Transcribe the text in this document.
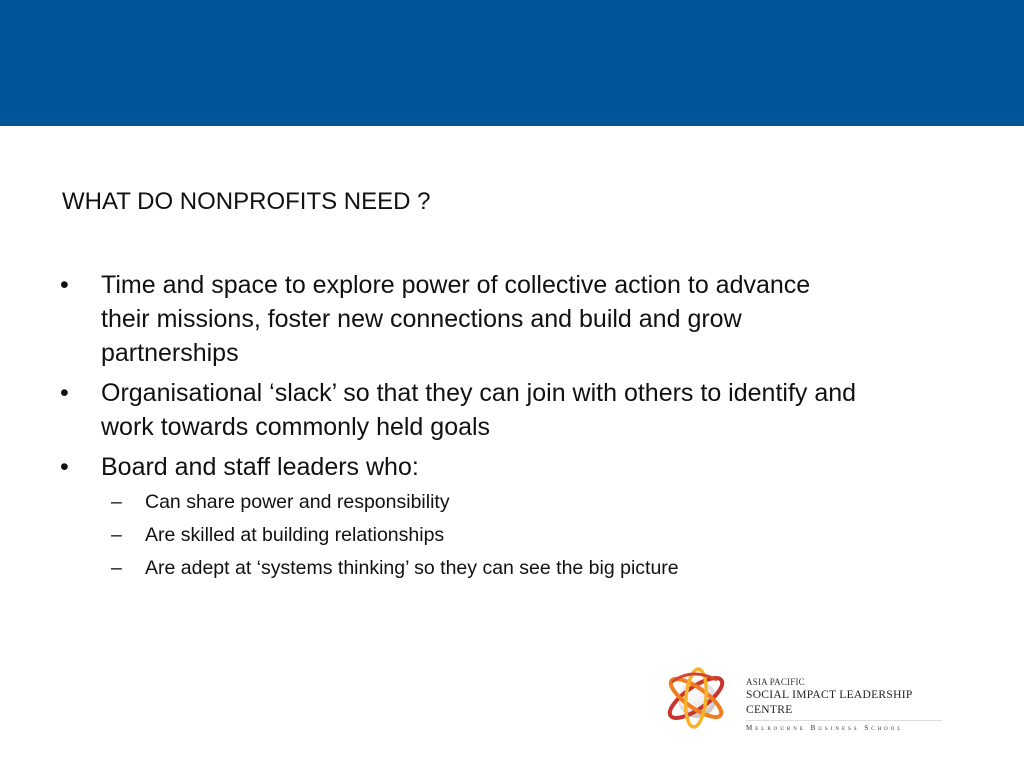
WHAT DO NONPROFITS NEED ?
•	Time and space to explore power of collective action to advance
their missions, foster new connections and build and grow
partnerships
•	Organisational ‘slack’ so that they can join with others to identify and
work towards commonly held goals
•	Board and staff leaders who:
– Can share power and responsibility
– Are skilled at building relationships
– Are adept at ‘systems thinking’ so they can see the big picture
ASIA PACIFIC
SOCIAL IMPACT LEADERSHIP CENTRE
Melbourne Business School
